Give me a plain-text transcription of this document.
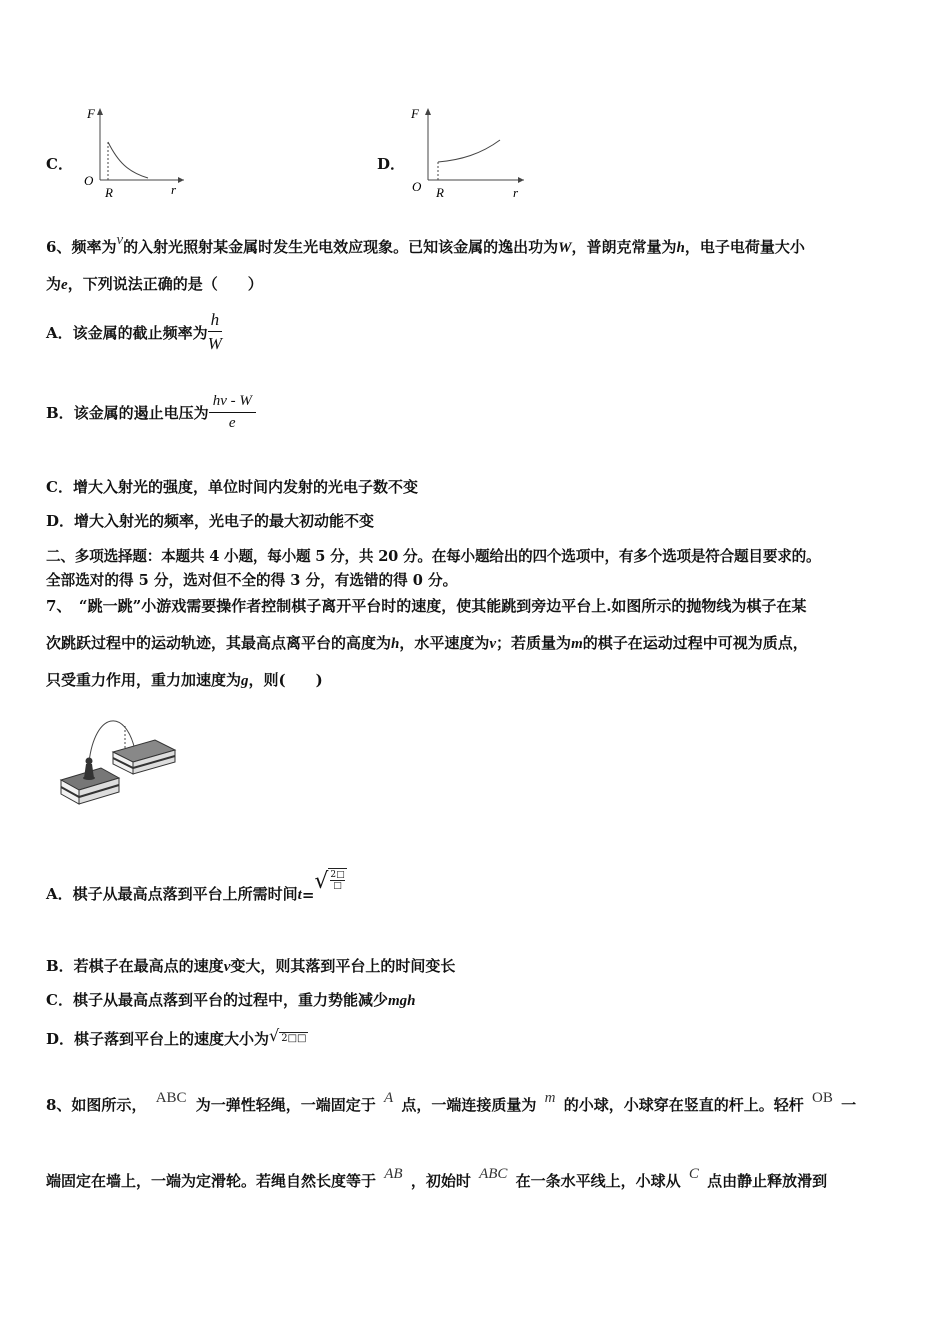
C．
F
O
R	r
D．
F
O R	r
6、频率为ν的入射光照射某金属时发生光电效应现象。已知该金属的逸出功为W，普朗克常量为h，电子电荷量大小
为e，下列说法正确的是（　　）
A．该金属的截止频率为 $\frac{h}{W}$
B．该金属的遏止电压为 $\frac{h\nu - W}{e}$
C．增大入射光的强度，单位时间内发射的光电子数不变
D．增大入射光的频率，光电子的最大初动能不变
二、多项选择题：本题共 4 小题，每小题 5 分，共 20 分。在每小题给出的四个选项中，有多个选项是符合题目要求的。
全部选对的得 5 分，选对但不全的得 3 分，有选错的得 0 分。
7、　“跳一跳”小游戏需要操作者控制棋子离开平台时的速度，使其能跳到旁边平台上.如图所示的抛物线为棋子在某
次跳跃过程中的运动轨迹，其最高点离平台的高度为h，水平速度为v；若质量为m的棋子在运动过程中可视为质点，
只受重力作用，重力加速度为g，则(　　)
A．棋子从最高点落到平台上所需时间 t =
√ 2□
□
B．若棋子在最高点的速度v变大，则其落到平台上的时间变长
C．棋子从最高点落到平台的过程中，重力势能减少mgh
D．棋子落到平台上的速度大小为 √ 2□□
8、如图所示， ABC 为一弹性轻绳，一端固定于 A 点，一端连接质量为 m 的小球，小球穿在竖直的杆上。轻杆 OB 一
端固定在墙上，一端为定滑轮。若绳自然长度等于 AB ，初始时 ABC 在一条水平线上，小球从 C 点由静止释放滑到
